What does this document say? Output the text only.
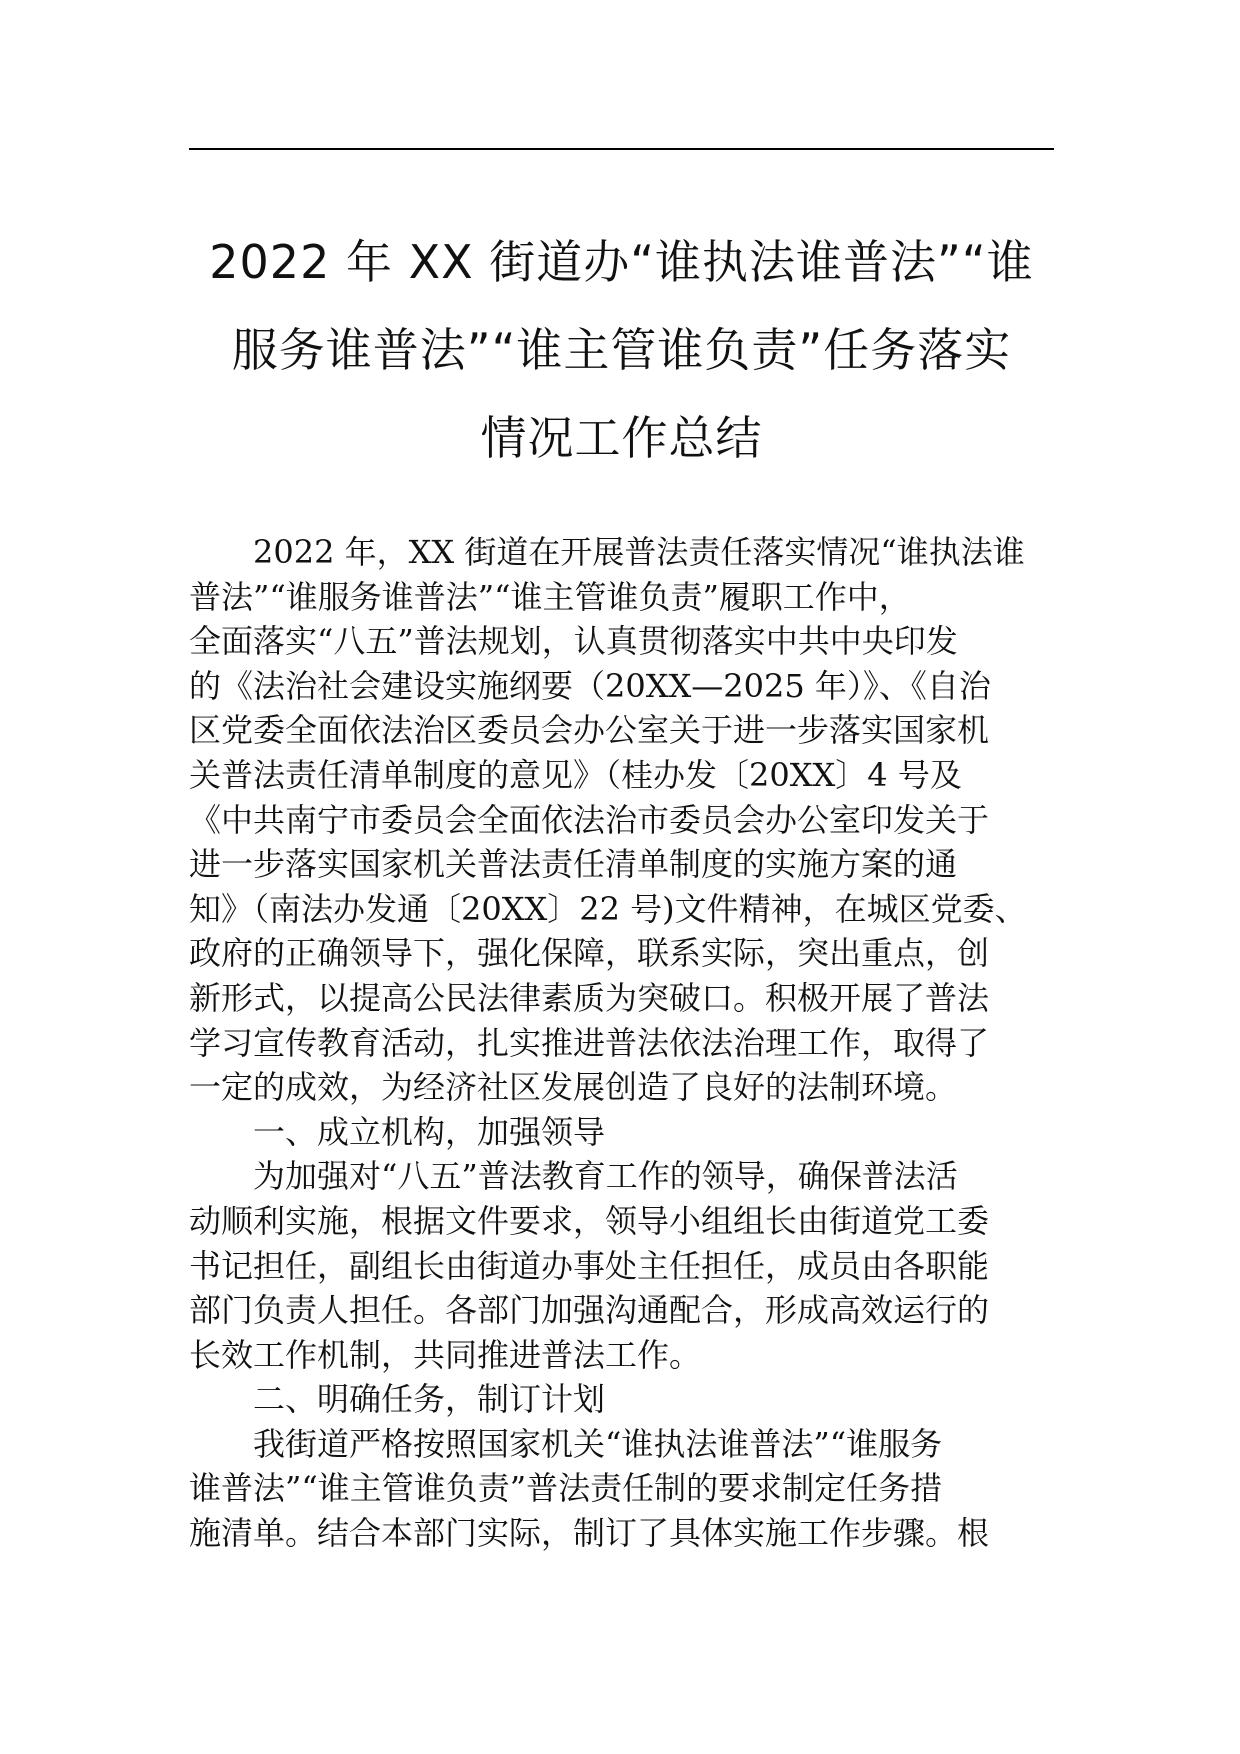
2022 年 XX 街道办“谁执法谁普法”“谁
服务谁普法”“谁主管谁负责”任务落实
情况工作总结
2022 年，XX 街道在开展普法责任落实情况“谁执法谁
普法”“谁服务谁普法”“谁主管谁负责”履职工作中，
全面落实“八五”普法规划，认真贯彻落实中共中央印发
的《法治社会建设实施纲要（20XX—2025 年）》、《自治
区党委全面依法治区委员会办公室关于进一步落实国家机
关普法责任清单制度的意见》（桂办发〔20XX〕4 号及
《中共南宁市委员会全面依法治市委员会办公室印发关于
进一步落实国家机关普法责任清单制度的实施方案的通
知》（南法办发通〔20XX〕22 号)文件精神，在城区党委、
政府的正确领导下，强化保障，联系实际，突出重点，创
新形式，以提高公民法律素质为突破口。积极开展了普法
学习宣传教育活动，扎实推进普法依法治理工作，取得了
一定的成效，为经济社区发展创造了良好的法制环境。
一、成立机构，加强领导
为加强对“八五”普法教育工作的领导，确保普法活
动顺利实施，根据文件要求，领导小组组长由街道党工委
书记担任，副组长由街道办事处主任担任，成员由各职能
部门负责人担任。各部门加强沟通配合，形成高效运行的
长效工作机制，共同推进普法工作。
二、明确任务，制订计划
我街道严格按照国家机关“谁执法谁普法”“谁服务
谁普法”“谁主管谁负责”普法责任制的要求制定任务措
施清单。结合本部门实际，制订了具体实施工作步骤。根
